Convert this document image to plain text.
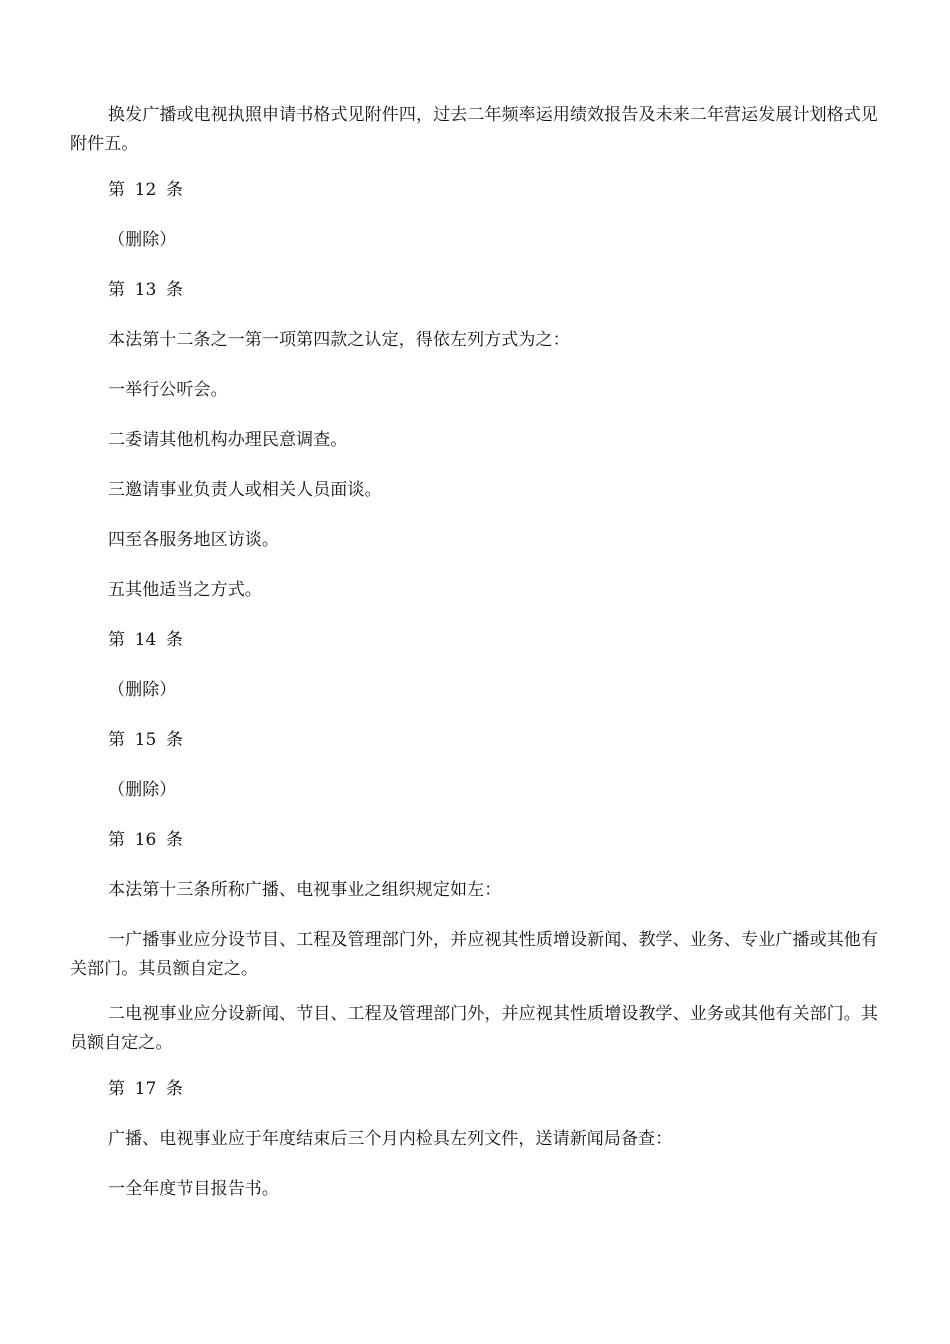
换发广播或电视执照申请书格式见附件四，过去二年频率运用绩效报告及未来二年营运发展计划格式见附件五。

第 12 条

（删除）

第 13 条

本法第十二条之一第一项第四款之认定，得依左列方式为之：

一举行公听会。

二委请其他机构办理民意调查。

三邀请事业负责人或相关人员面谈。

四至各服务地区访谈。

五其他适当之方式。

第 14 条

（删除）

第 15 条

（删除）

第 16 条

本法第十三条所称广播、电视事业之组织规定如左：

一广播事业应分设节目、工程及管理部门外，并应视其性质增设新闻、教学、业务、专业广播或其他有关部门。其员额自定之。

二电视事业应分设新闻、节目、工程及管理部门外，并应视其性质增设教学、业务或其他有关部门。其员额自定之。

第 17 条

广播、电视事业应于年度结束后三个月内检具左列文件，送请新闻局备查：

一全年度节目报告书。
